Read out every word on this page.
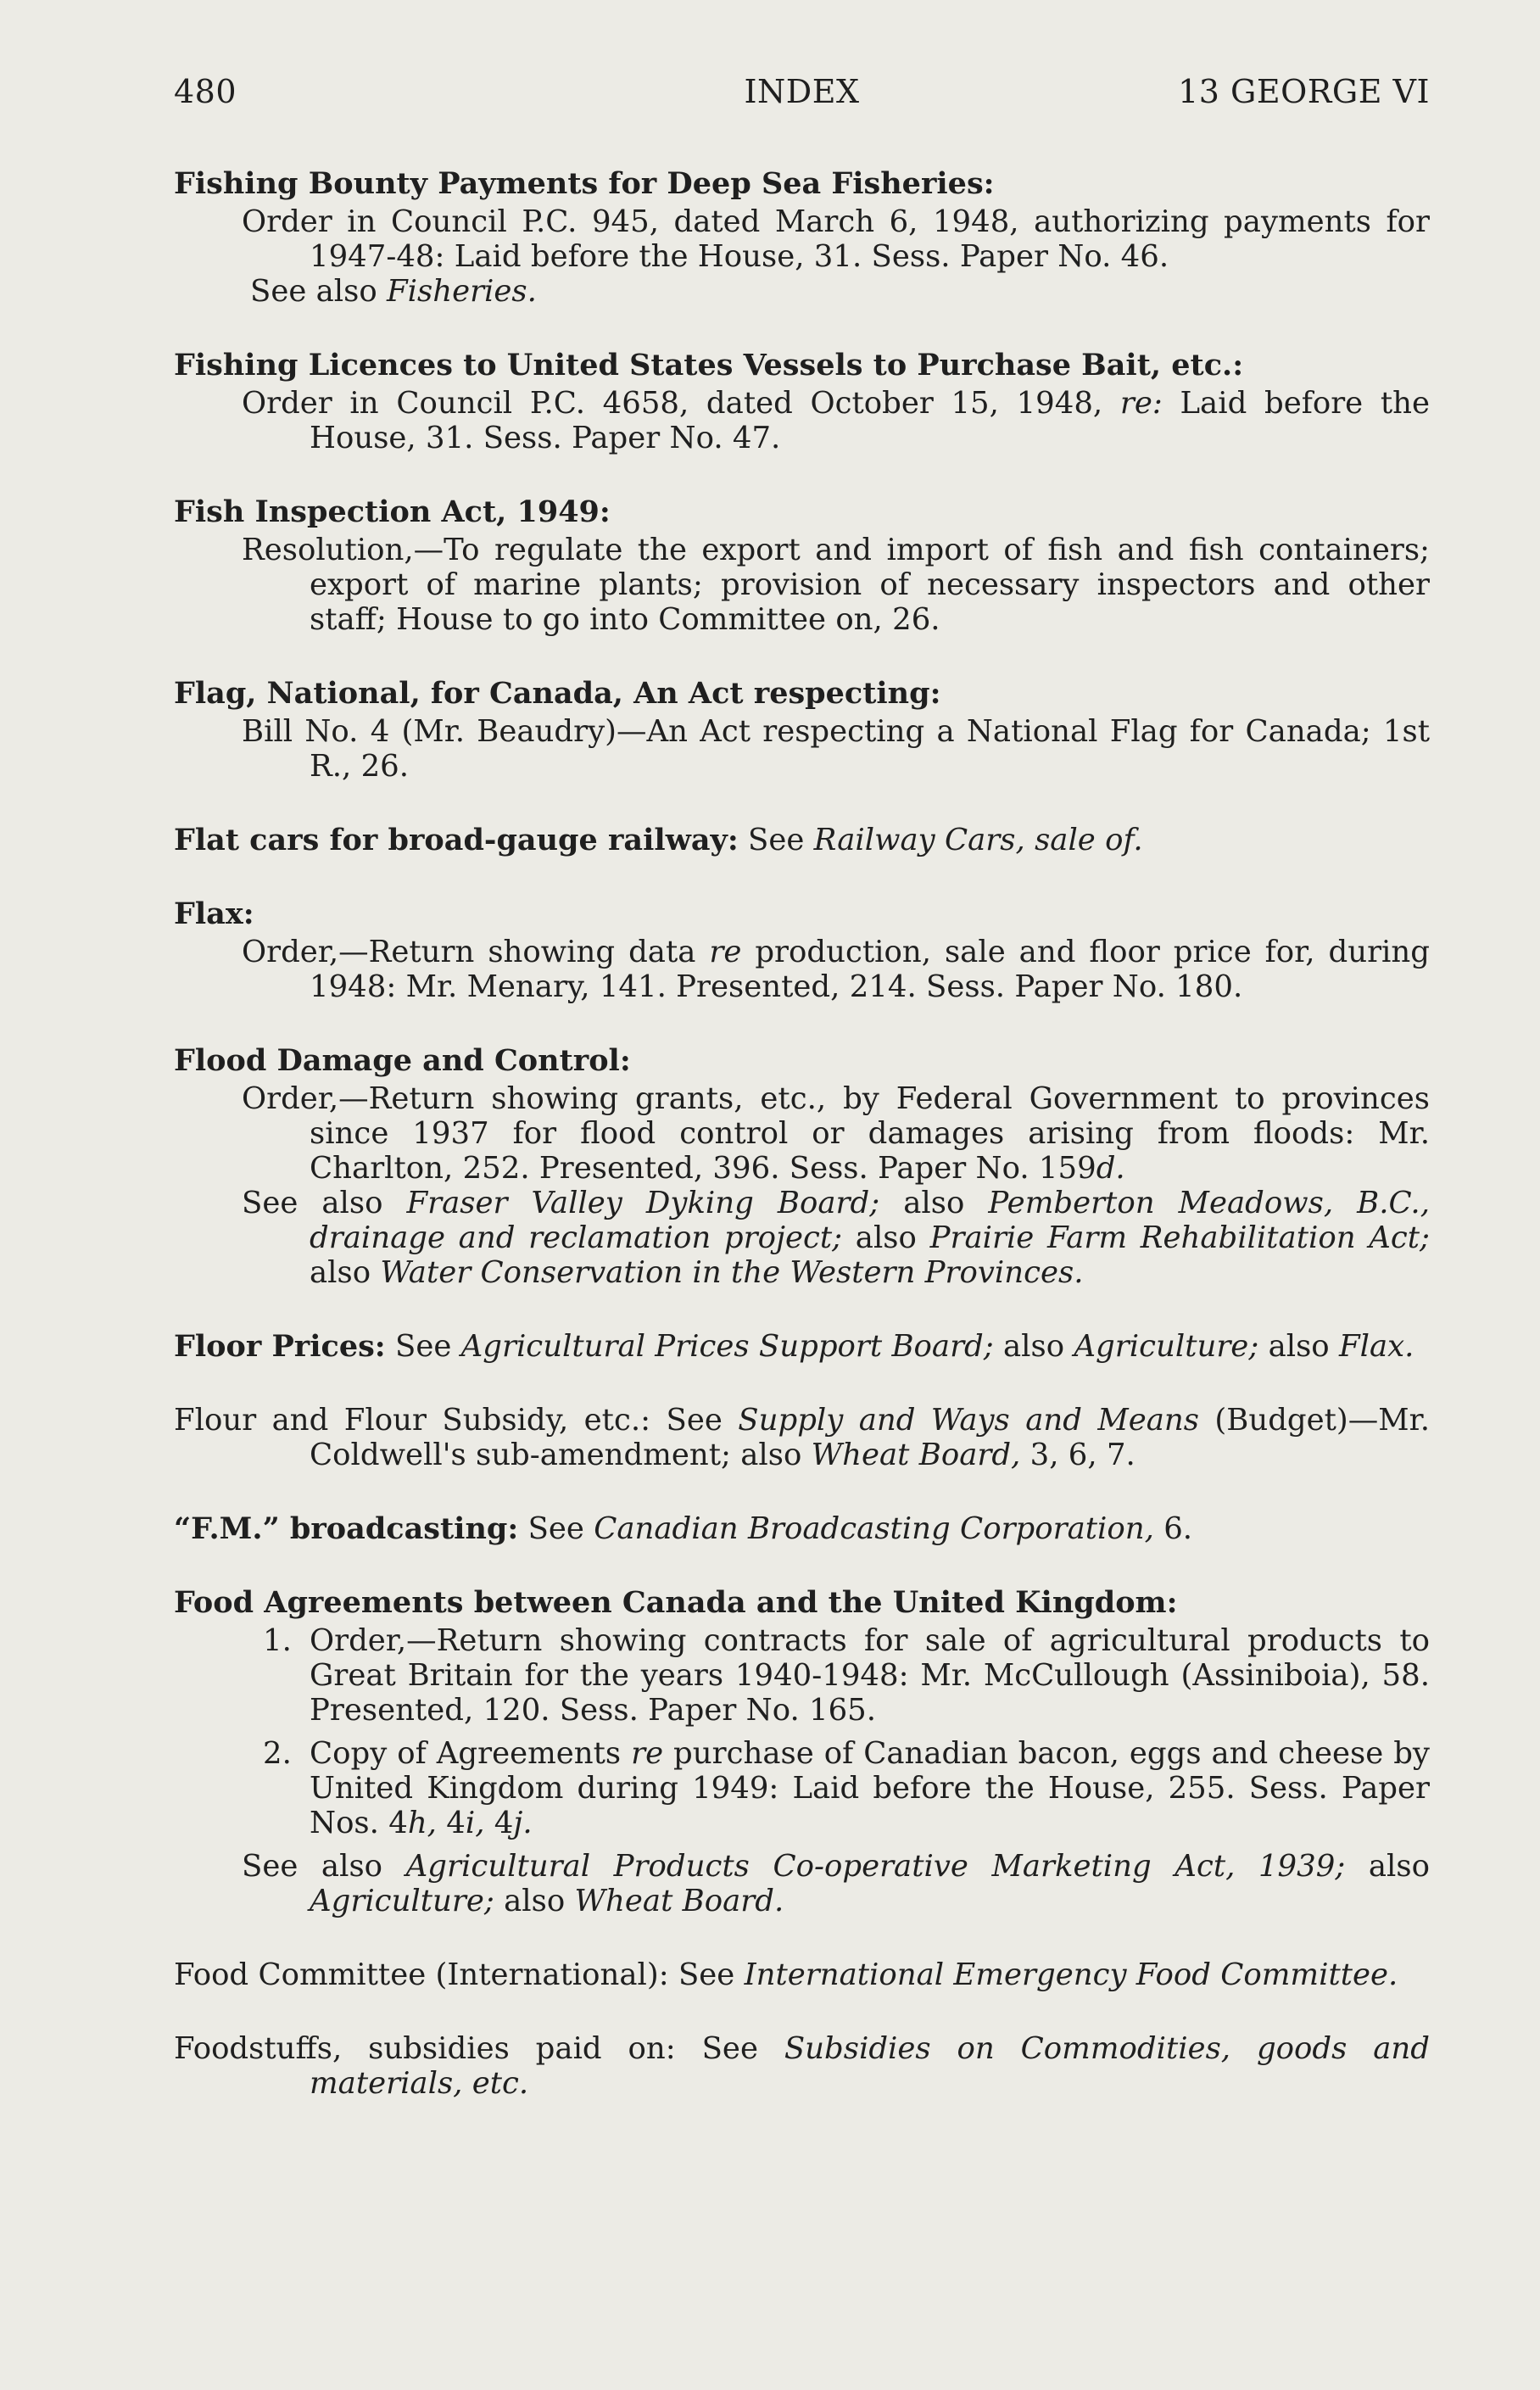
480	INDEX	13 GEORGE VI
Fishing Bounty Payments for Deep Sea Fisheries:
Order in Council P.C. 945, dated March 6, 1948, authorizing payments for 1947-48: Laid before the House, 31. Sess. Paper No. 46.
See also Fisheries.
Fishing Licences to United States Vessels to Purchase Bait, etc.:
Order in Council P.C. 4658, dated October 15, 1948, re: Laid before the House, 31. Sess. Paper No. 47.
Fish Inspection Act, 1949:
Resolution,—To regulate the export and import of fish and fish containers; export of marine plants; provision of necessary inspectors and other staff; House to go into Committee on, 26.
Flag, National, for Canada, An Act respecting:
Bill No. 4 (Mr. Beaudry)—An Act respecting a National Flag for Canada; 1st R., 26.
Flat cars for broad-gauge railway: See Railway Cars, sale of.
Flax:
Order,—Return showing data re production, sale and floor price for, during 1948: Mr. Menary, 141. Presented, 214. Sess. Paper No. 180.
Flood Damage and Control:
Order,—Return showing grants, etc., by Federal Government to provinces since 1937 for flood control or damages arising from floods: Mr. Charlton, 252. Presented, 396. Sess. Paper No. 159d.
See also Fraser Valley Dyking Board; also Pemberton Meadows, B.C., drainage and reclamation project; also Prairie Farm Rehabilitation Act; also Water Conservation in the Western Provinces.
Floor Prices: See Agricultural Prices Support Board; also Agriculture; also Flax.
Flour and Flour Subsidy, etc.: See Supply and Ways and Means (Budget)—Mr. Coldwell's sub-amendment; also Wheat Board, 3, 6, 7.
“F.M.” broadcasting: See Canadian Broadcasting Corporation, 6.
Food Agreements between Canada and the United Kingdom:
1. Order,—Return showing contracts for sale of agricultural products to Great Britain for the years 1940-1948: Mr. McCullough (Assiniboia), 58. Presented, 120. Sess. Paper No. 165.
2. Copy of Agreements re purchase of Canadian bacon, eggs and cheese by United Kingdom during 1949: Laid before the House, 255. Sess. Paper Nos. 4h, 4i, 4j.
See also Agricultural Products Co-operative Marketing Act, 1939; also Agriculture; also Wheat Board.
Food Committee (International): See International Emergency Food Committee.
Foodstuffs, subsidies paid on: See Subsidies on Commodities, goods and materials, etc.
